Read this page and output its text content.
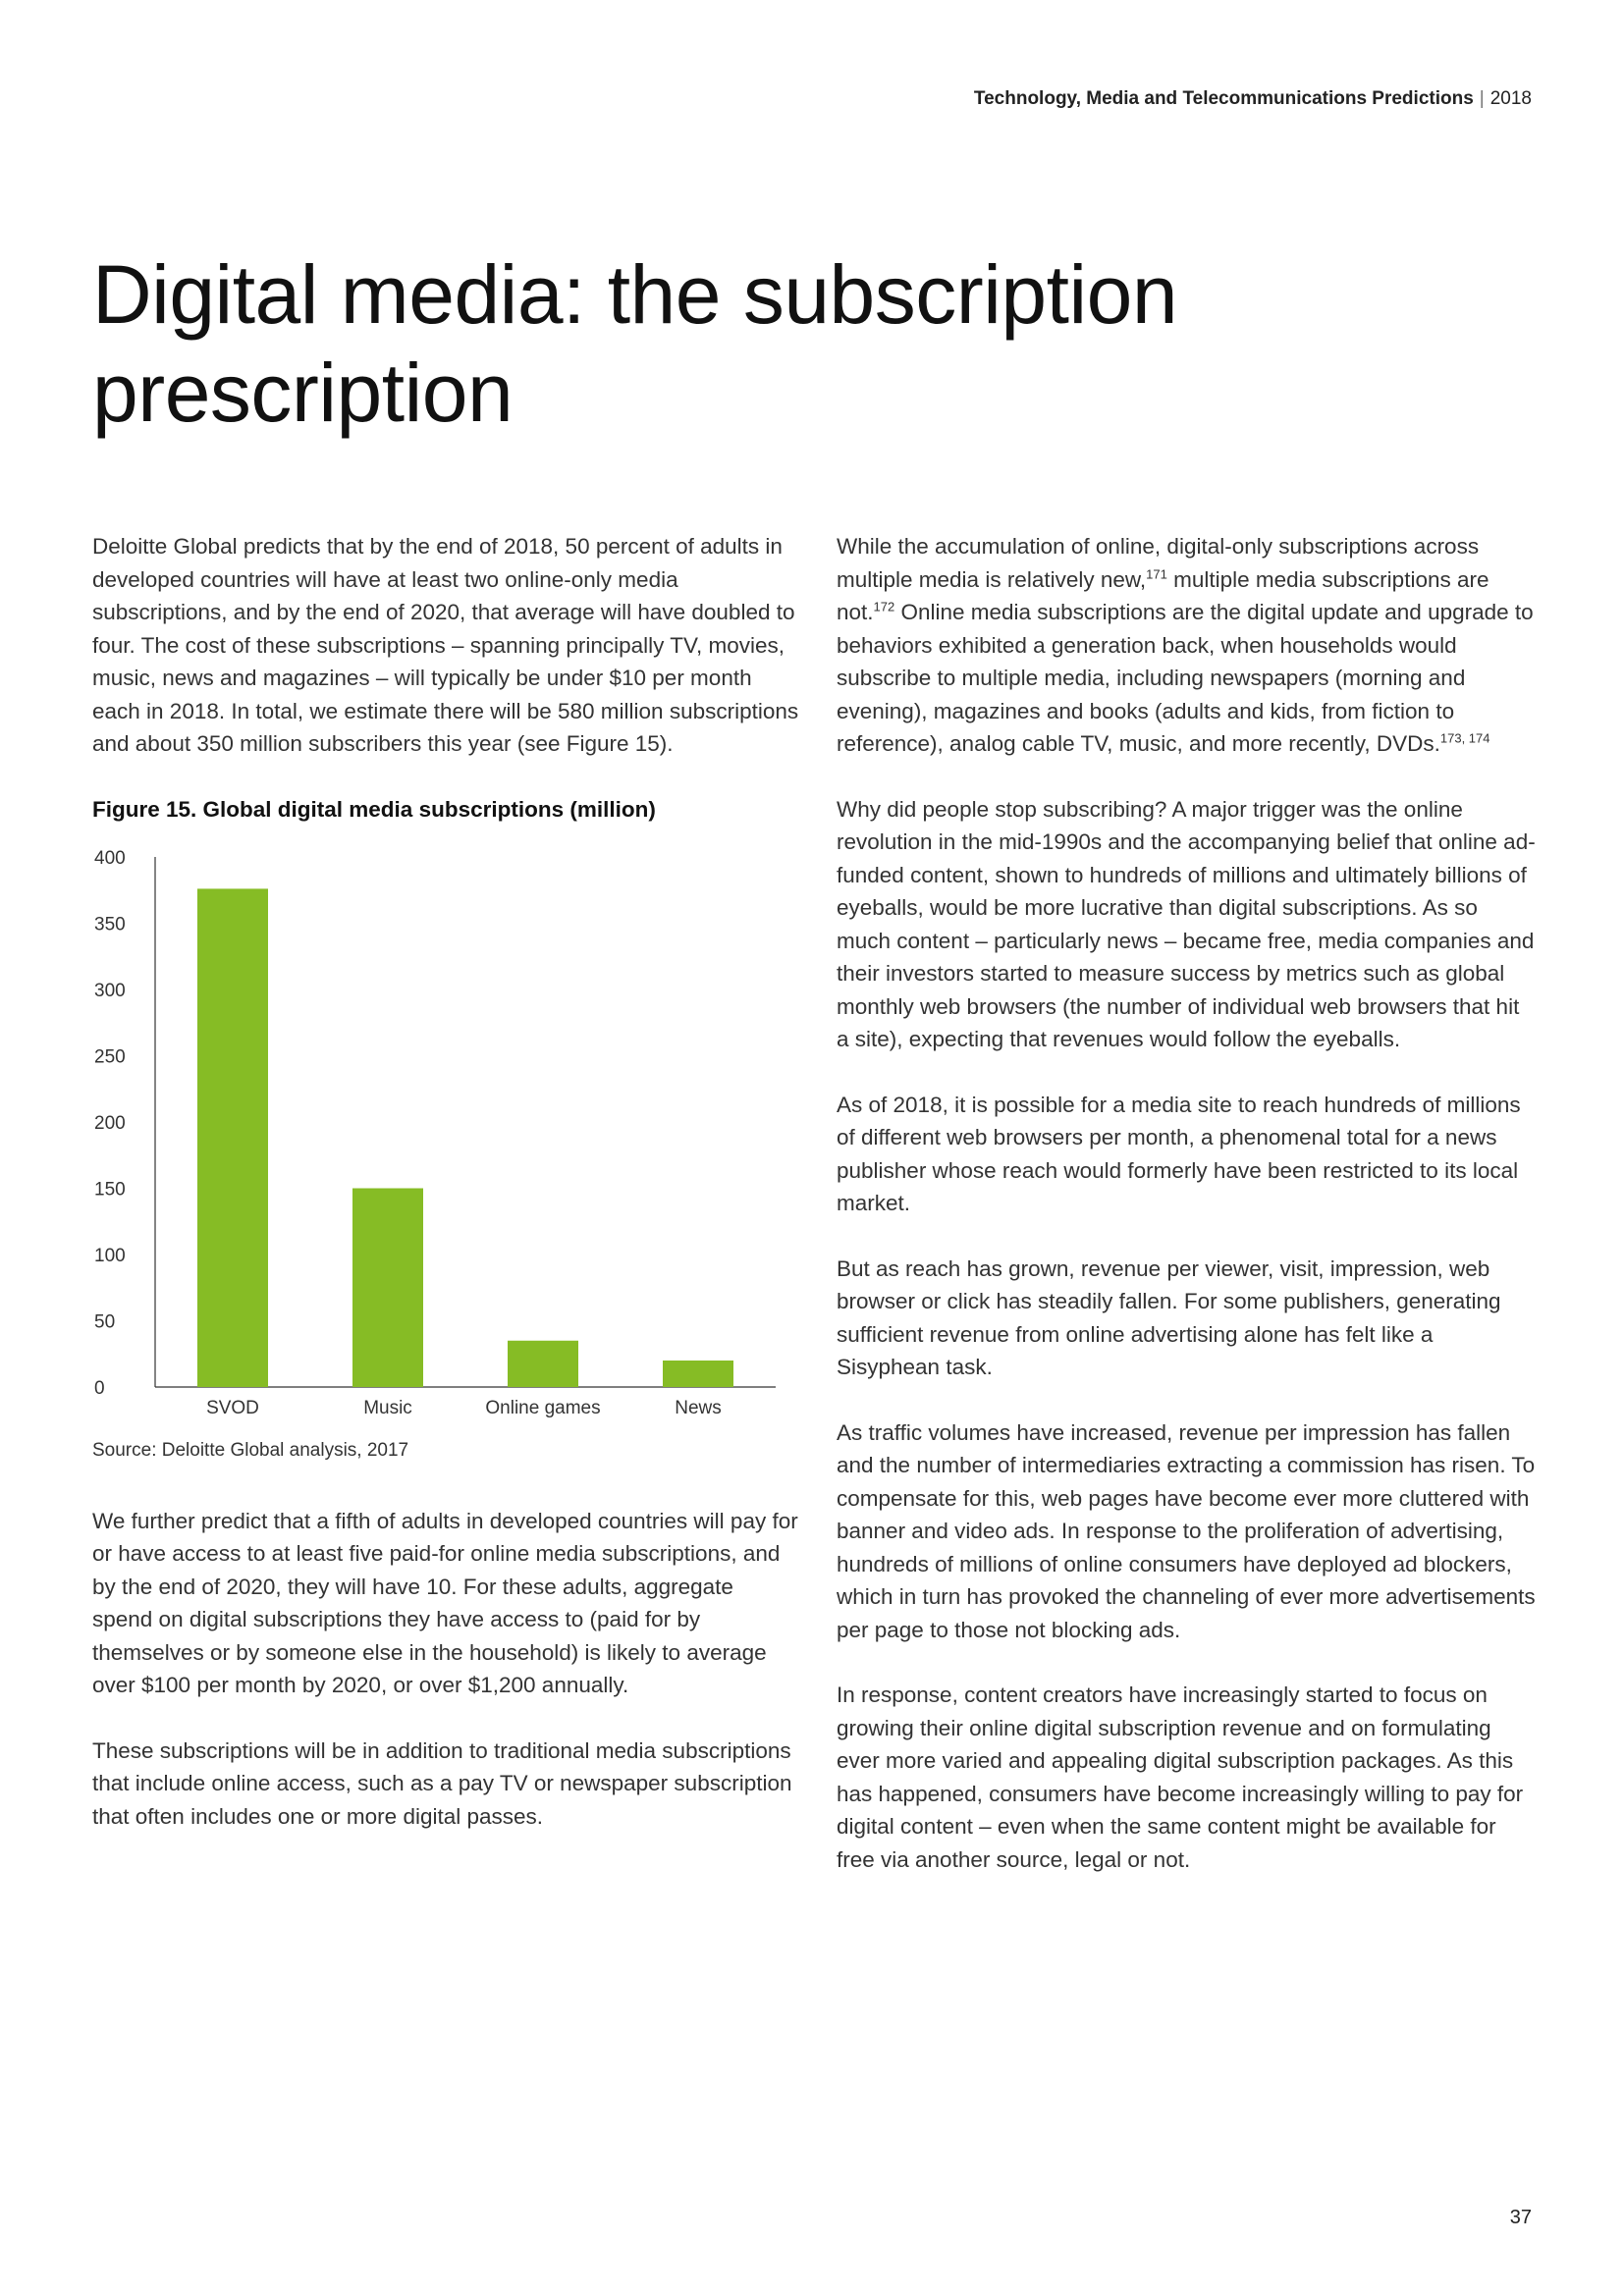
Technology, Media and Telecommunications Predictions | 2018
Digital media: the subscription
prescription

Deloitte Global predicts that by the end of 2018, 50 percent of adults in developed countries will have at least two online-only media subscriptions, and by the end of 2020, that average will have doubled to four. The cost of these subscriptions – spanning principally TV, movies, music, news and magazines – will typically be under $10 per month each in 2018. In total, we estimate there will be 580 million subscriptions and about 350 million subscribers this year (see Figure 15).

Figure 15. Global digital media subscriptions (million)
0
50
100
150
200
250
300
350
400
SVOD	Music	Online games	News

Source: Deloitte Global analysis, 2017

We further predict that a fifth of adults in developed countries will pay for or have access to at least five paid-for online media subscriptions, and by the end of 2020, they will have 10. For these adults, aggregate spend on digital subscriptions they have access to (paid for by themselves or by someone else in the household) is likely to average over $100 per month by 2020, or over $1,200 annually.

These subscriptions will be in addition to traditional media subscriptions that include online access, such as a pay TV or newspaper subscription that often includes one or more digital passes.

While the accumulation of online, digital-only subscriptions across multiple media is relatively new,$^{171}$ multiple media subscriptions are not.$^{172}$ Online media subscriptions are the digital update and upgrade to behaviors exhibited a generation back, when households would subscribe to multiple media, including newspapers (morning and evening), magazines and books (adults and kids, from fiction to reference), analog cable TV, music, and more recently, DVDs.$^{173, 174}$

Why did people stop subscribing? A major trigger was the online revolution in the mid-1990s and the accompanying belief that online ad-funded content, shown to hundreds of millions and ultimately billions of eyeballs, would be more lucrative than digital subscriptions. As so much content – particularly news – became free, media companies and their investors started to measure success by metrics such as global monthly web browsers (the number of individual web browsers that hit a site), expecting that revenues would follow the eyeballs.

As of 2018, it is possible for a media site to reach hundreds of millions of different web browsers per month, a phenomenal total for a news publisher whose reach would formerly have been restricted to its local market.

But as reach has grown, revenue per viewer, visit, impression, web browser or click has steadily fallen. For some publishers, generating sufficient revenue from online advertising alone has felt like a Sisyphean task.

As traffic volumes have increased, revenue per impression has fallen and the number of intermediaries extracting a commission has risen. To compensate for this, web pages have become ever more cluttered with banner and video ads. In response to the proliferation of advertising, hundreds of millions of online consumers have deployed ad blockers, which in turn has provoked the channeling of ever more advertisements per page to those not blocking ads.

In response, content creators have increasingly started to focus on growing their online digital subscription revenue and on formulating ever more varied and appealing digital subscription packages. As this has happened, consumers have become increasingly willing to pay for digital content – even when the same content might be available for free via another source, legal or not.

37
